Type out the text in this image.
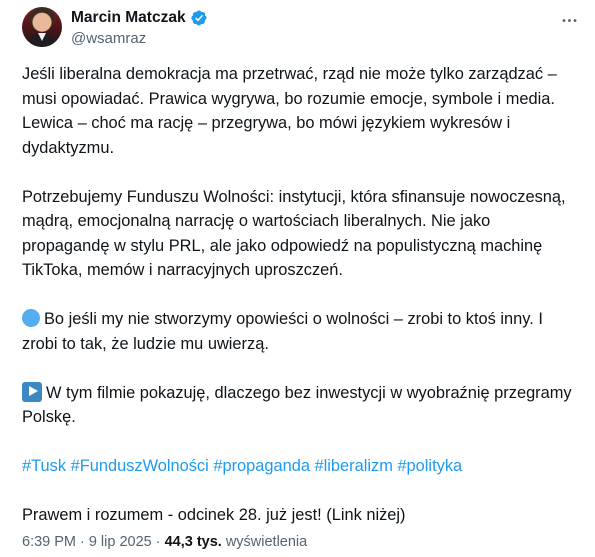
Marcin Matczak
@wsamraz

Jeśli liberalna demokracja ma przetrwać, rząd nie może tylko zarządzać – musi opowiadać. Prawica wygrywa, bo rozumie emocje, symbole i media. Lewica – choć ma rację – przegrywa, bo mówi językiem wykresów i dydaktyzmu.

Potrzebujemy Funduszu Wolności: instytucji, która sfinansuje nowoczesną, mądrą, emocjonalną narrację o wartościach liberalnych. Nie jako propagandę w stylu PRL, ale jako odpowiedź na populistyczną machinę TikToka, memów i narracyjnych uproszczeń.

Bo jeśli my nie stworzymy opowieści o wolności – zrobi to ktoś inny. I zrobi to tak, że ludzie mu uwierzą.

W tym filmie pokazuję, dlaczego bez inwestycji w wyobraźnię przegramy Polskę.

#Tusk #FunduszWolności #propaganda #liberalizm #polityka

Prawem i rozumem - odcinek 28. już jest! (Link niżej)

6:39 PM · 9 lip 2025 · 44,3 tys. wyświetlenia
